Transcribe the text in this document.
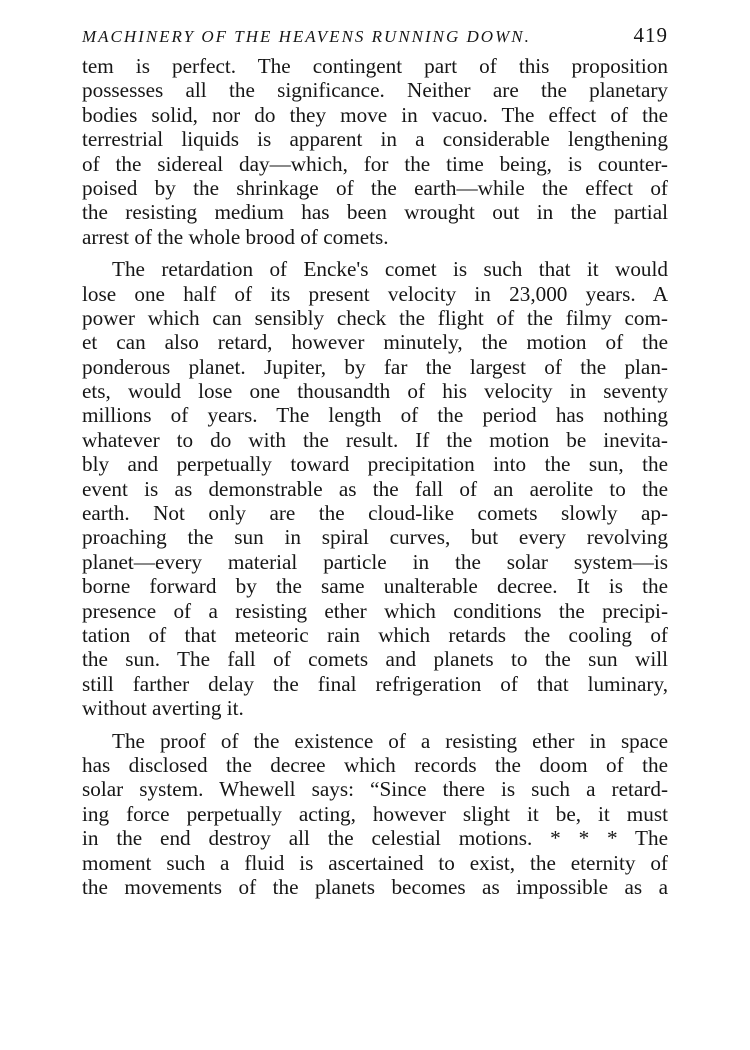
MACHINERY OF THE HEAVENS RUNNING DOWN.	419
tem is perfect. The contingent part of this proposition
possesses all the significance. Neither are the planetary
bodies solid, nor do they move in vacuo. The effect of the
terrestrial liquids is apparent in a considerable lengthening
of the sidereal day—which, for the time being, is counter-
poised by the shrinkage of the earth—while the effect of
the resisting medium has been wrought out in the partial
arrest of the whole brood of comets.
The retardation of Encke's comet is such that it would
lose one half of its present velocity in 23,000 years. A
power which can sensibly check the flight of the filmy com-
et can also retard, however minutely, the motion of the
ponderous planet. Jupiter, by far the largest of the plan-
ets, would lose one thousandth of his velocity in seventy
millions of years. The length of the period has nothing
whatever to do with the result. If the motion be inevita-
bly and perpetually toward precipitation into the sun, the
event is as demonstrable as the fall of an aerolite to the
earth. Not only are the cloud-like comets slowly ap-
proaching the sun in spiral curves, but every revolving
planet—every material particle in the solar system—is
borne forward by the same unalterable decree. It is the
presence of a resisting ether which conditions the precipi-
tation of that meteoric rain which retards the cooling of
the sun. The fall of comets and planets to the sun will
still farther delay the final refrigeration of that luminary,
without averting it.
The proof of the existence of a resisting ether in space
has disclosed the decree which records the doom of the
solar system. Whewell says: “Since there is such a retard-
ing force perpetually acting, however slight it be, it must
in the end destroy all the celestial motions. * * * The
moment such a fluid is ascertained to exist, the eternity of
the movements of the planets becomes as impossible as a
